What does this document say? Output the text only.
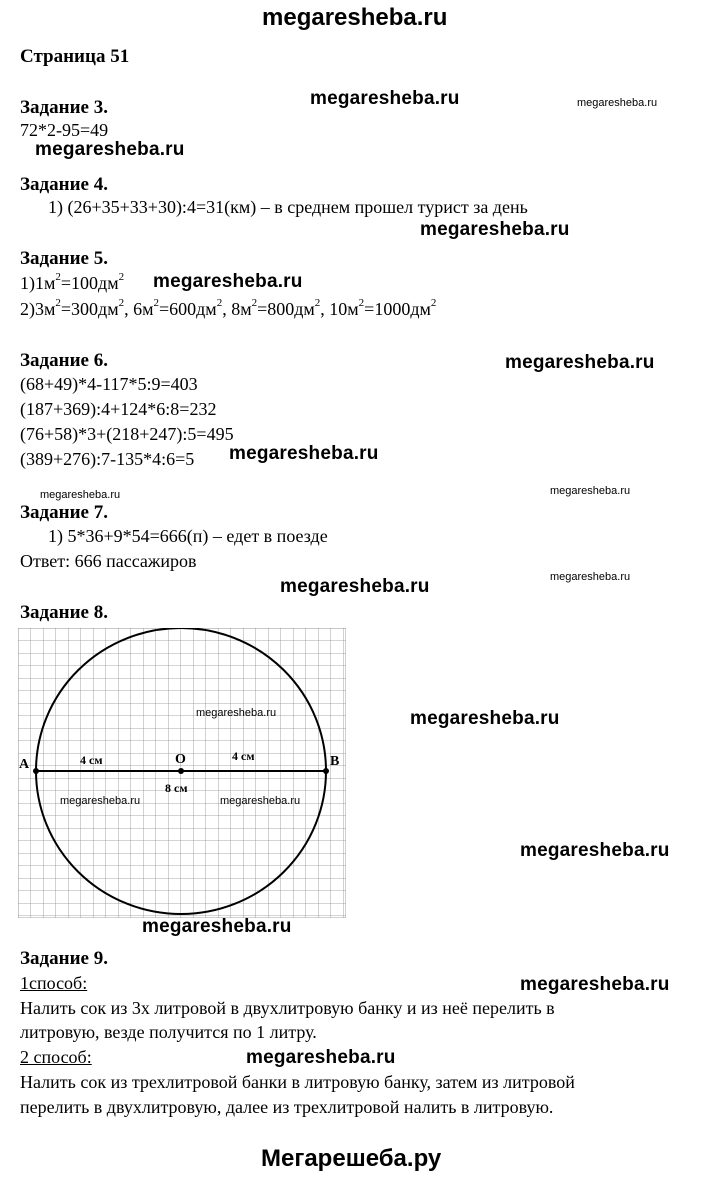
megaresheba.ru
Страница 51
Задание 3.
72*2-95=49
Задание 4.
1) (26+35+33+30):4=31(км) – в среднем прошел турист за день
Задание 5.
$1)1м^2=100дм^2$
$2)3м^2=300дм^2$, $6м^2=600дм^2$, $8м^2=800дм^2$, $10м^2=1000дм^2$
Задание 6.
(68+49)*4-117*5:9=403
(187+369):4+124*6:8=232
(76+58)*3+(218+247):5=495
(389+276):7-135*4:6=5
Задание 7.
1) 5*36+9*54=666(п) – едет в поезде
Ответ: 666 пассажиров
Задание 8.
A	B
O
4 см	4 см
8 см
Задание 9.
1способ:
Налить сок из 3х литровой в двухлитровую банку и из неё перелить в
литровую, везде получится по 1 литру.
2 способ:
Налить сок из трехлитровой банки в литровую банку, затем из литровой
перелить в двухлитровую, далее из трехлитровой налить в литровую.
Мегарешеба.ру
megaresheba.ru
megaresheba.ru
megaresheba.ru
megaresheba.ru
megaresheba.ru
megaresheba.ru
megaresheba.ru
megaresheba.ru
megaresheba.ru
megaresheba.ru
megaresheba.ru
megaresheba.ru
megaresheba.ru
megaresheba.ru	megaresheba.ru
megaresheba.ru
megaresheba.ru
megaresheba.ru	megaresheba.ru
